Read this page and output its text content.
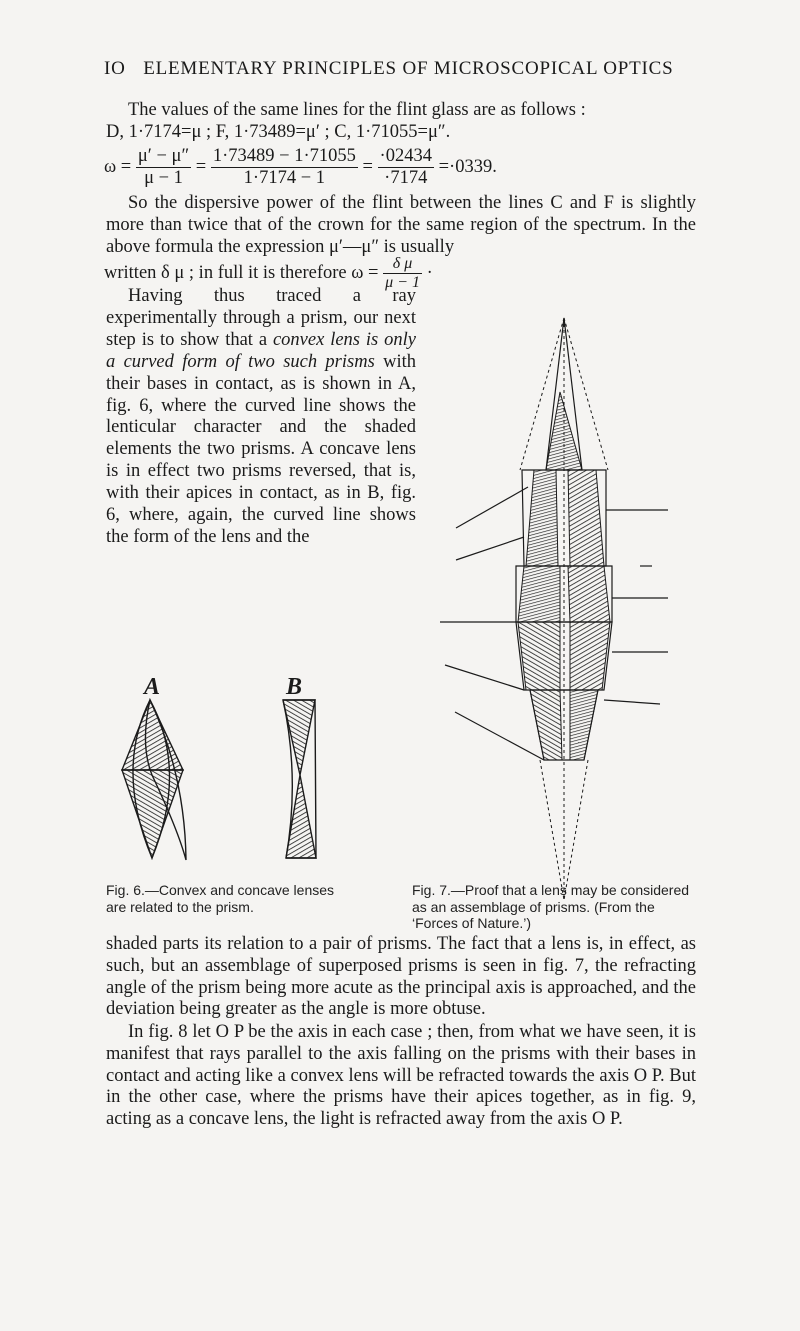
IO ELEMENTARY PRINCIPLES OF MICROSCOPICAL OPTICS
The values of the same lines for the flint glass are as follows :
D, 1·7174=μ ; F, 1·73489=μ′ ; C, 1·71055=μ″.
$\omega = \frac{\mu' - \mu''}{\mu - 1} = \frac{1\cdot 73489 - 1\cdot 71055}{1\cdot 7174 - 1} = \frac{\cdot 02434}{\cdot 7174} =\cdot 0339$.
So the dispersive power of the flint between the lines C and F is slightly more than twice that of the crown for the same region of the spectrum. In the above formula the expression μ′—μ″ is usually
written δ μ ; in full it is therefore $\omega = \frac{\text{δ μ}}{\mu - 1}$ ·
Having thus traced a ray experimentally through a prism, our next step is to show that a convex lens is only a curved form of two such prisms with their bases in contact, as is shown in A, fig. 6, where the curved line shows the lenticular character and the shaded elements the two prisms. A concave lens is in effect two prisms reversed, that is, with their apices in contact, as in B, fig. 6, where, again, the curved line shows the form of the lens and the
A	B
Fig. 6.—Convex and concave lenses are related to the prism.
Fig. 7.—Proof that a lens may be considered as an assemblage of prisms. (From the ‘Forces of Nature.’)
shaded parts its relation to a pair of prisms. The fact that a lens is, in effect, as such, but an assemblage of superposed prisms is seen in fig. 7, the refracting angle of the prism being more acute as the principal axis is approached, and the deviation being greater as the angle is more obtuse.
In fig. 8 let O P be the axis in each case ; then, from what we have seen, it is manifest that rays parallel to the axis falling on the prisms with their bases in contact and acting like a convex lens will be refracted towards the axis O P. But in the other case, where the prisms have their apices together, as in fig. 9, acting as a concave lens, the light is refracted away from the axis O P.
